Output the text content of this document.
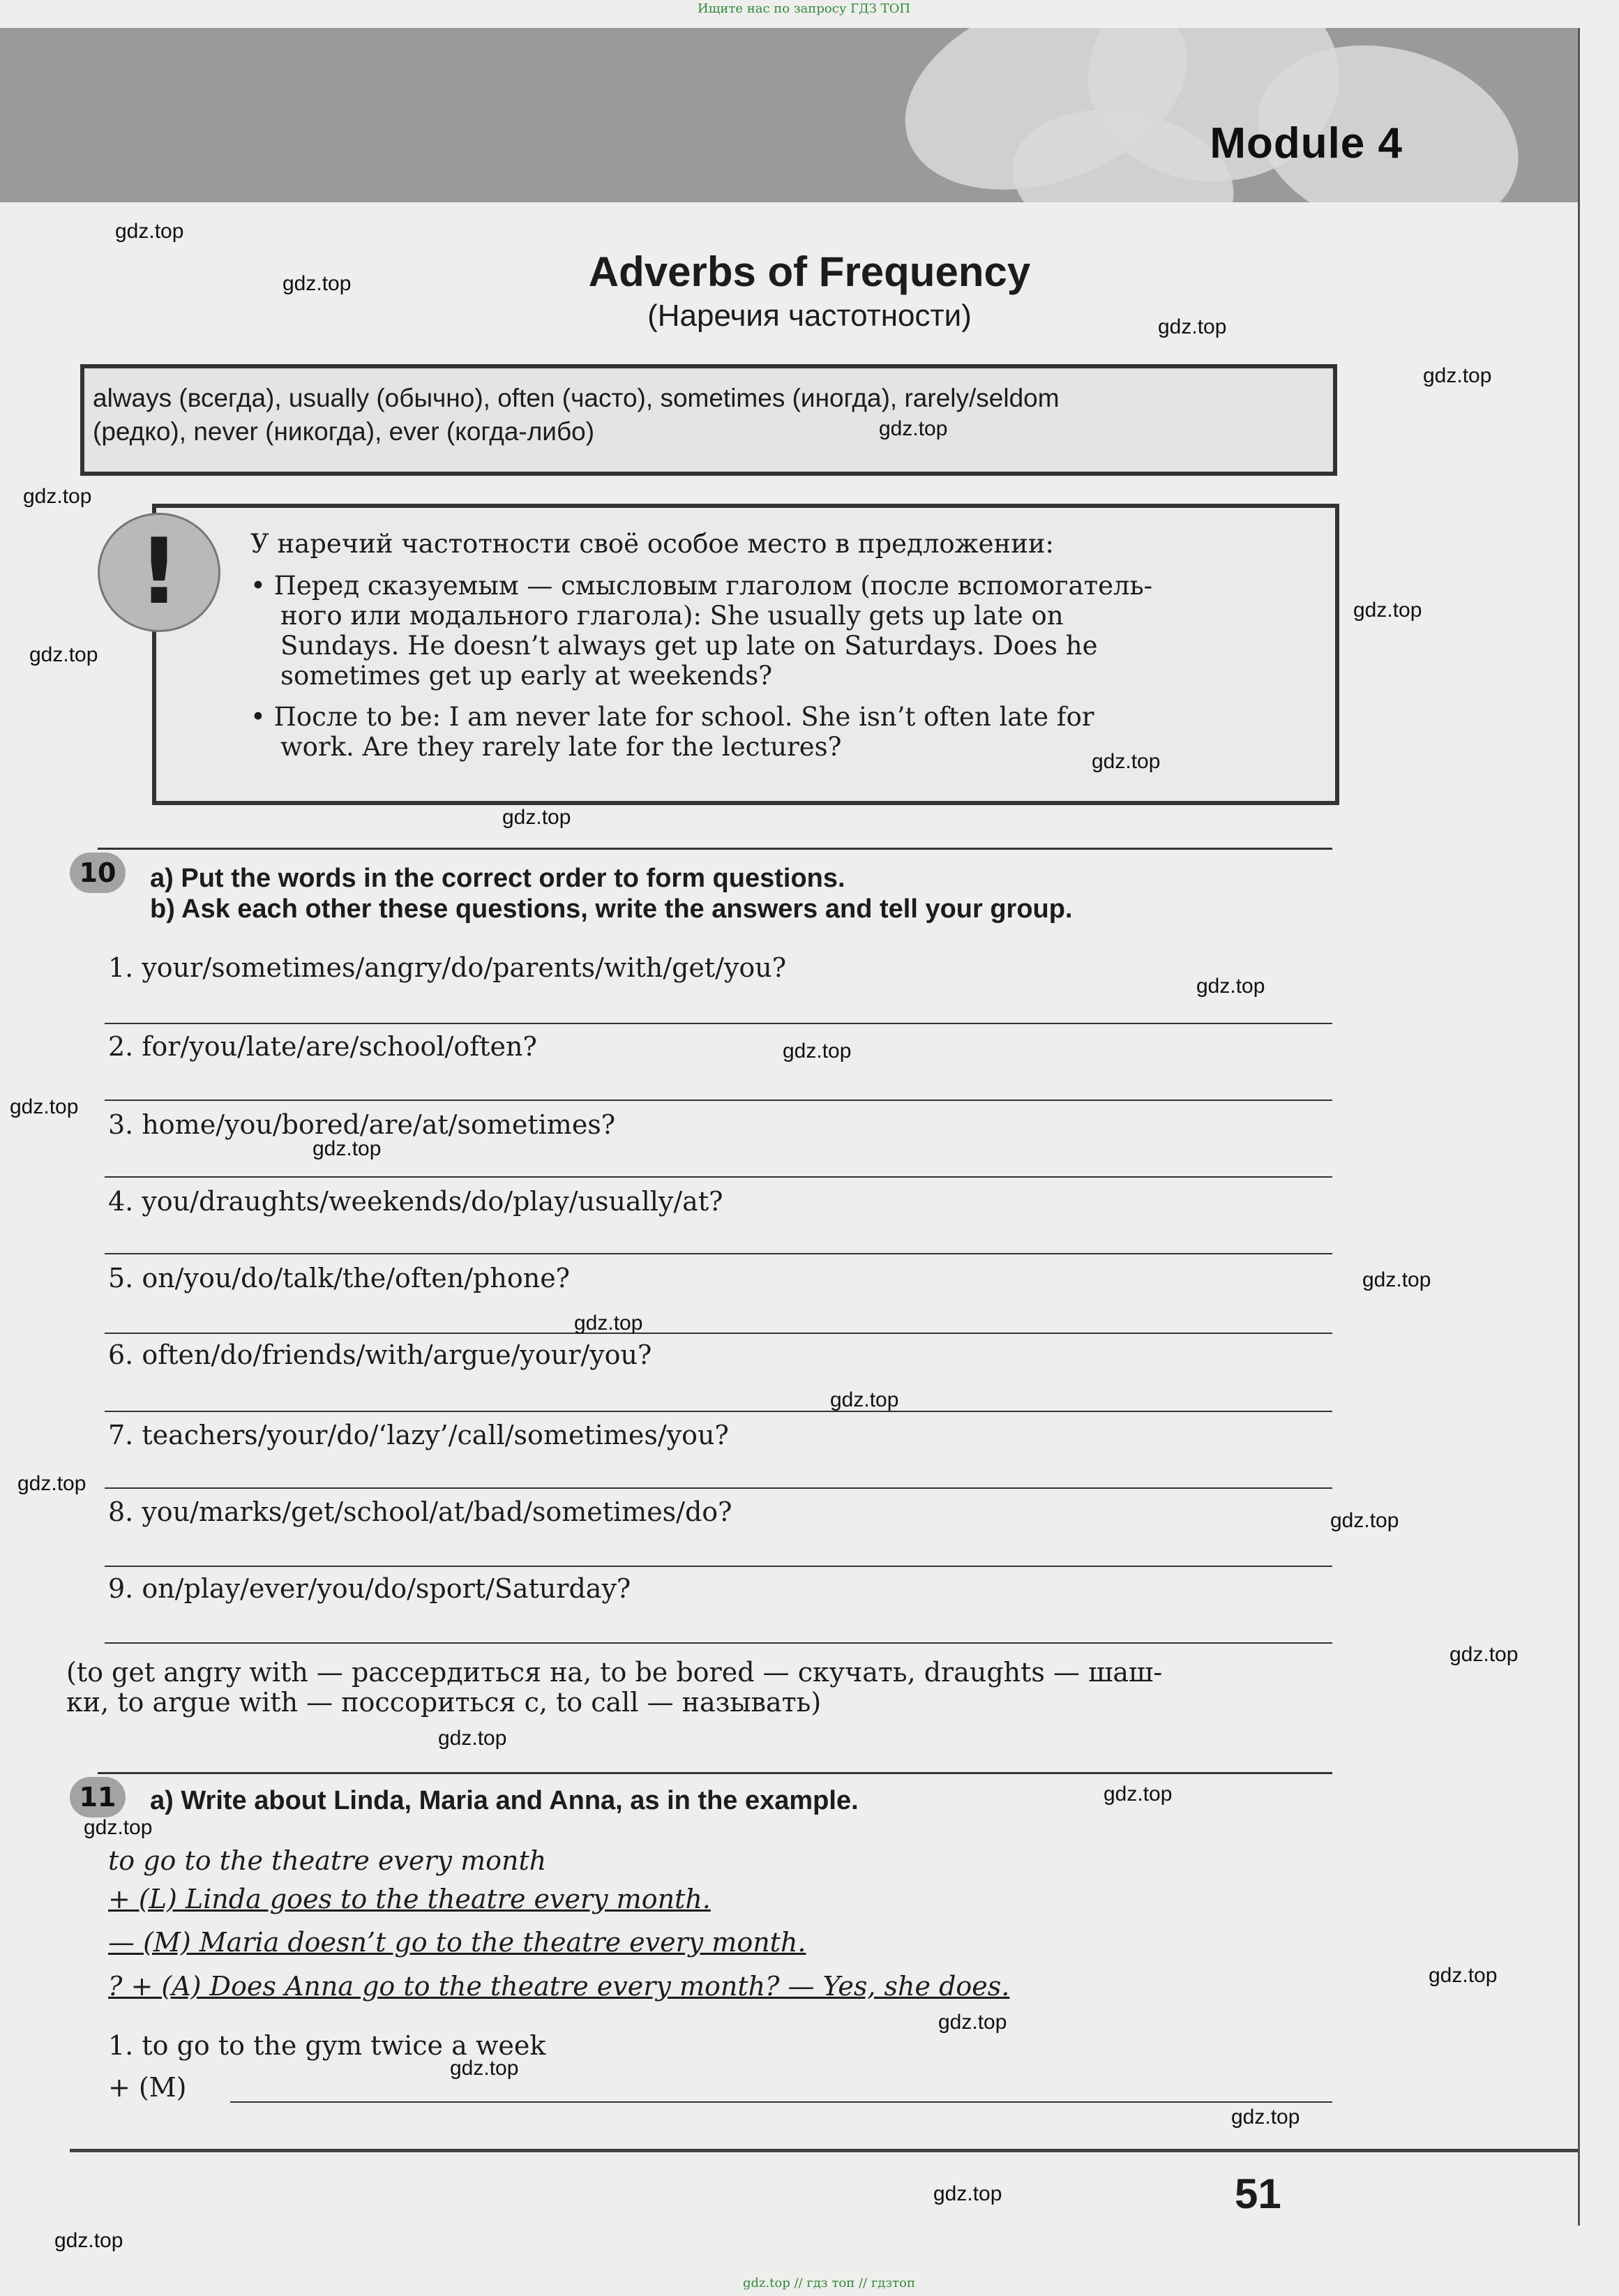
Ищите нас по запросу ГДЗ ТОП
Module 4
Adverbs of Frequency
(Наречия частотности)
always (всегда), usually (обычно), often (часто), sometimes (иногда), rarely/seldom
(редко), never (никогда), ever (когда-либо)
У наречий частотности своё особое место в предложении:
• Перед сказуемым — смысловым глаголом (после вспомогатель-
ного или модального глагола): She usually gets up late on
Sundays. He doesn’t always get up late on Saturdays. Does he
sometimes get up early at weekends?
• После to be: I am never late for school. She isn’t often late for
work. Are they rarely late for the lectures?
!
10	a) Put the words in the correct order to form questions.
b) Ask each other these questions, write the answers and tell your group.
1. your/sometimes/angry/do/parents/with/get/you?
2. for/you/late/are/school/often?
3. home/you/bored/are/at/sometimes?
4. you/draughts/weekends/do/play/usually/at?
5. on/you/do/talk/the/often/phone?
6. often/do/friends/with/argue/your/you?
7. teachers/your/do/‘lazy’/call/sometimes/you?
8. you/marks/get/school/at/bad/sometimes/do?
9. on/play/ever/you/do/sport/Saturday?
(to get angry with — рассердиться на, to be bored — скучать, draughts — шаш-
ки, to argue with — поссориться с, to call — называть)
11	a) Write about Linda, Maria and Anna, as in the example.
to go to the theatre every month
+ (L) Linda goes to the theatre every month.
— (M) Maria doesn’t go to the theatre every month.
? + (A) Does Anna go to the theatre every month? — Yes, she does.
1. to go to the gym twice a week
+ (M)
51
gdz.top
gdz.top
gdz.top
gdz.top
gdz.top
gdz.top
gdz.top
gdz.top
gdz.top
gdz.top
gdz.top
gdz.top
gdz.top
gdz.top
gdz.top
gdz.top
gdz.top
gdz.top
gdz.top
gdz.top
gdz.top
gdz.top
gdz.top
gdz.top
gdz.top
gdz.top
gdz.top
gdz.top
gdz.top
gdz.top // гдз топ // гдзтоп
